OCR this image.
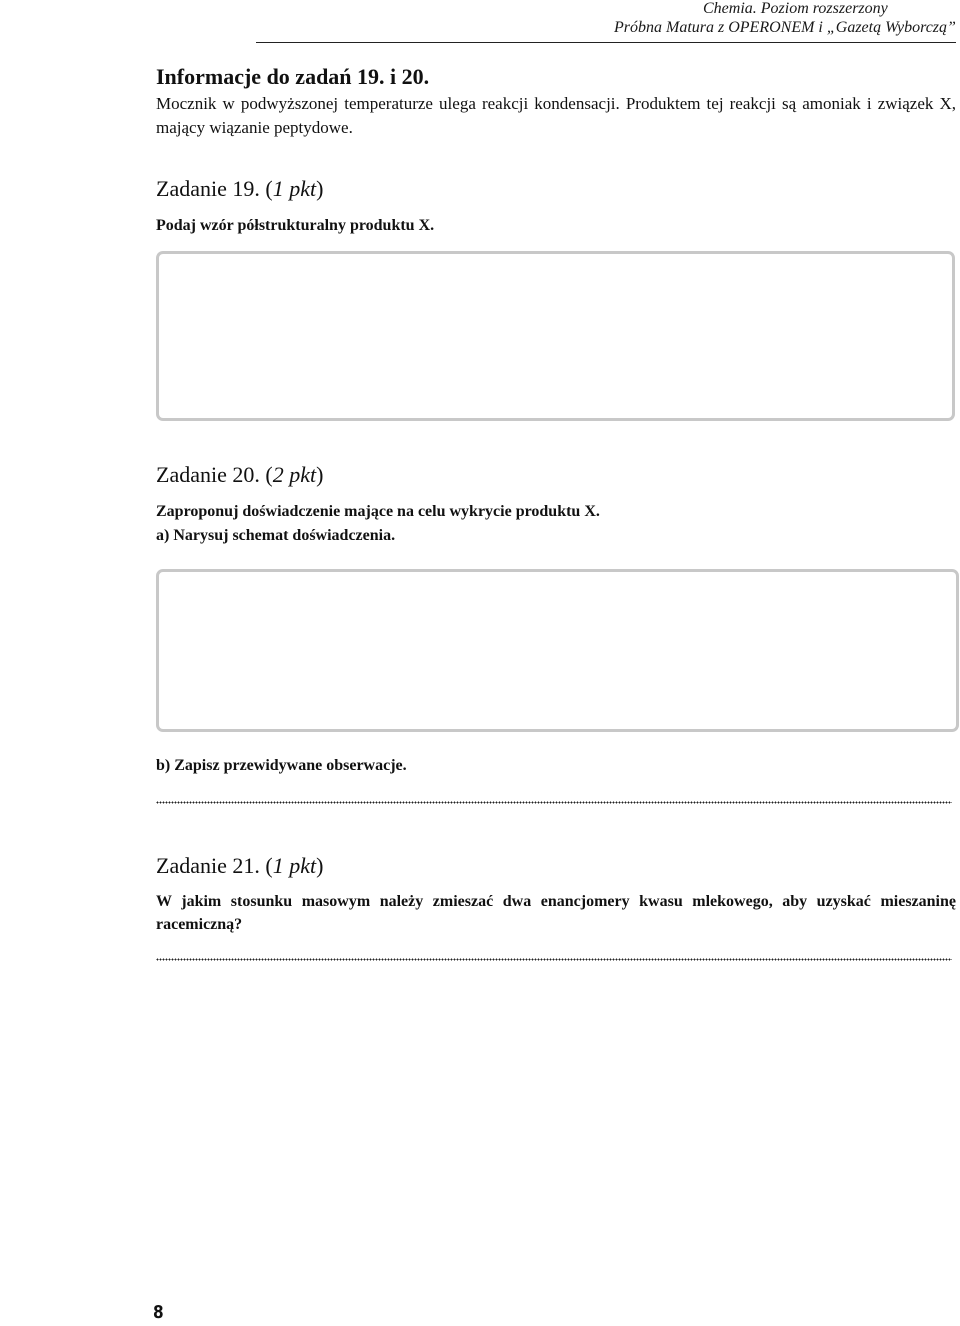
Chemia. Poziom rozszerzony
Próbna Matura z OPERONEM i „Gazetą Wyborczą”
Informacje do zadań 19. i 20.
Mocznik w podwyższonej temperaturze ulega reakcji kondensacji. Produktem tej reakcji są amoniak i związek X, mający wiązanie peptydowe.
Zadanie 19. (1 pkt)
Podaj wzór półstrukturalny produktu X.
Zadanie 20. (2 pkt)
Zaproponuj doświadczenie mające na celu wykrycie produktu X.
a) Narysuj schemat doświadczenia.
b) Zapisz przewidywane obserwacje.
Zadanie 21. (1 pkt)
W jakim stosunku masowym należy zmieszać dwa enancjomery kwasu mlekowego, aby uzyskać mieszaninę racemiczną?
8
